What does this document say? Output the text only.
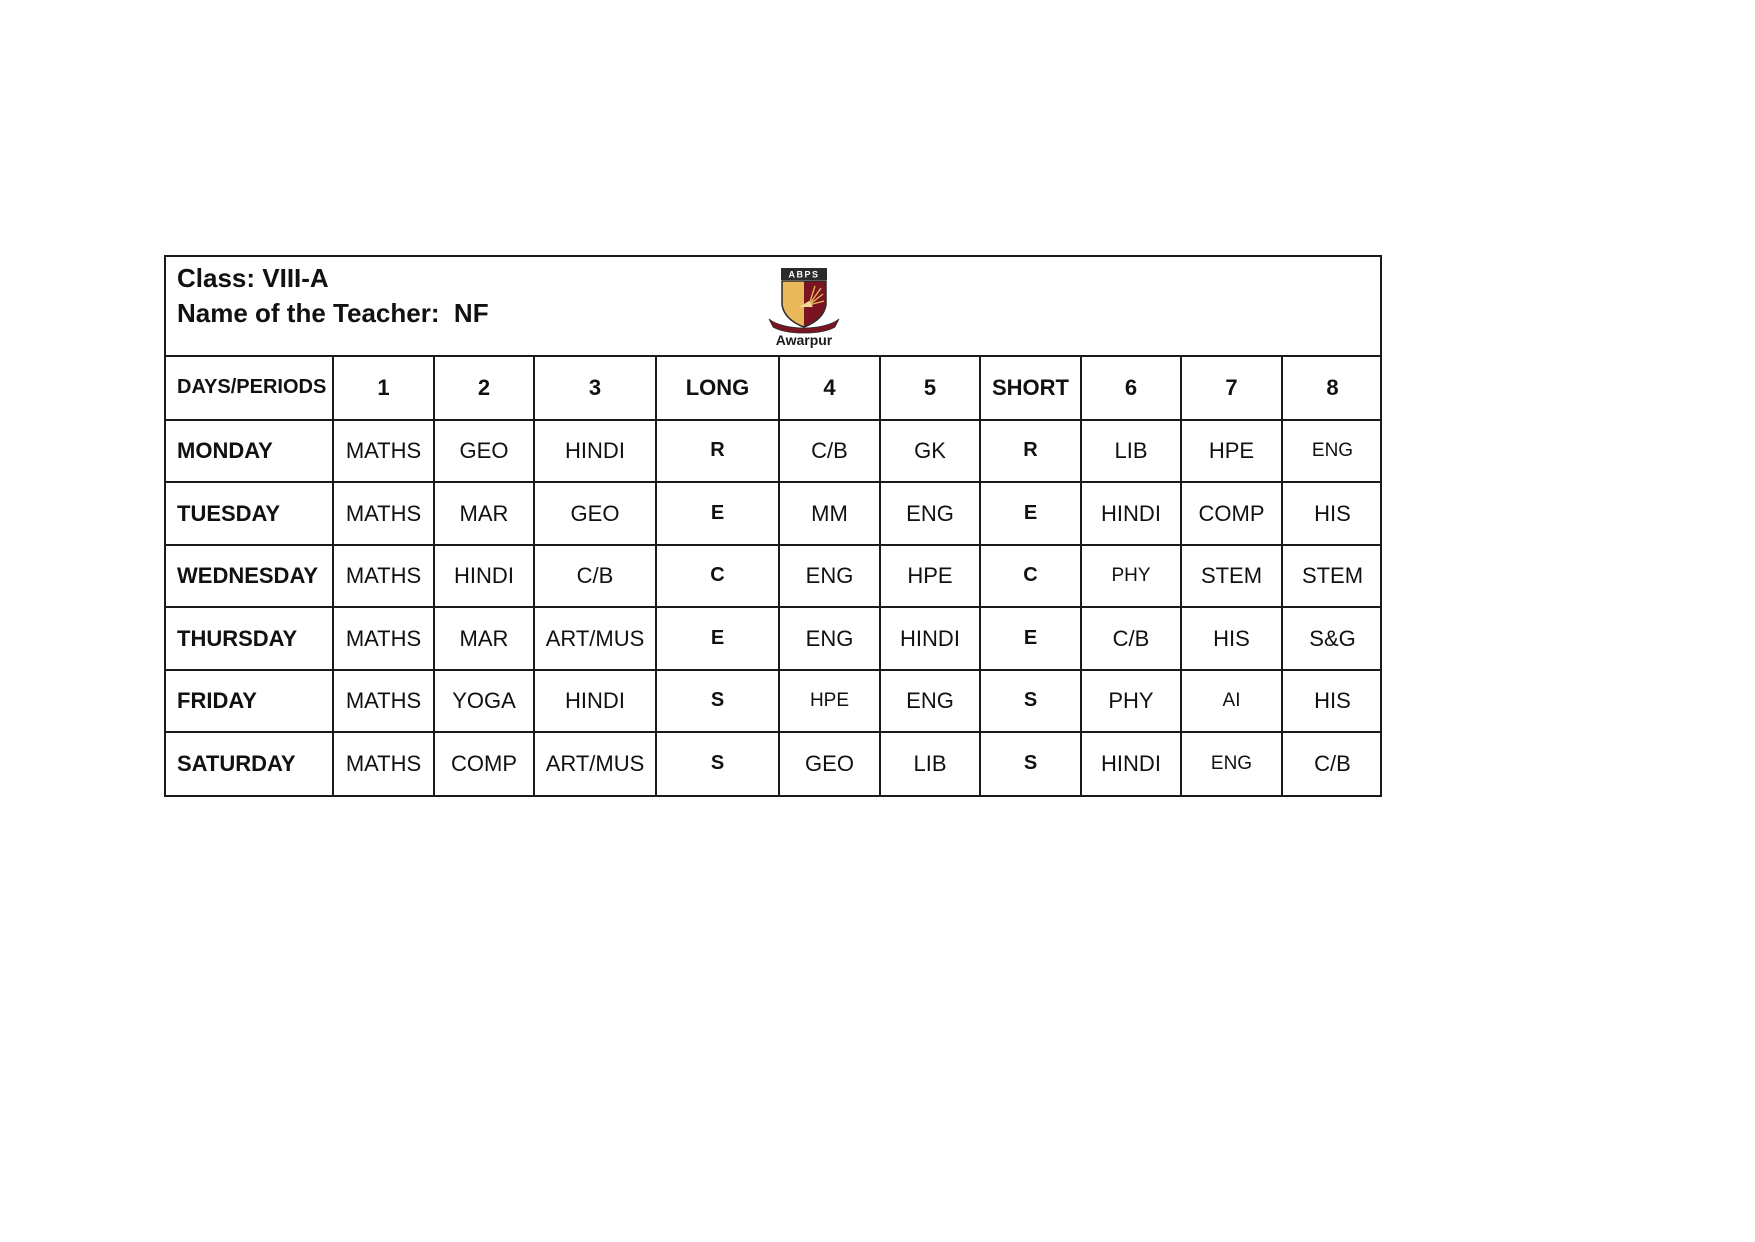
Class: VIII-A
Name of the Teacher:  NF
ABPS
Awarpur
DAYS/PERIODS	1	2	3	LONG	4	5	SHORT	6	7	8
MONDAY	MATHS	GEO	HINDI	R	C/B	GK	R	LIB	HPE	ENG
TUESDAY	MATHS	MAR	GEO	E	MM	ENG	E	HINDI	COMP	HIS
WEDNESDAY	MATHS	HINDI	C/B	C	ENG	HPE	C	PHY	STEM	STEM
THURSDAY	MATHS	MAR	ART/MUS	E	ENG	HINDI	E	C/B	HIS	S&G
FRIDAY	MATHS	YOGA	HINDI	S	HPE	ENG	S	PHY	AI	HIS
SATURDAY	MATHS	COMP	ART/MUS	S	GEO	LIB	S	HINDI	ENG	C/B
